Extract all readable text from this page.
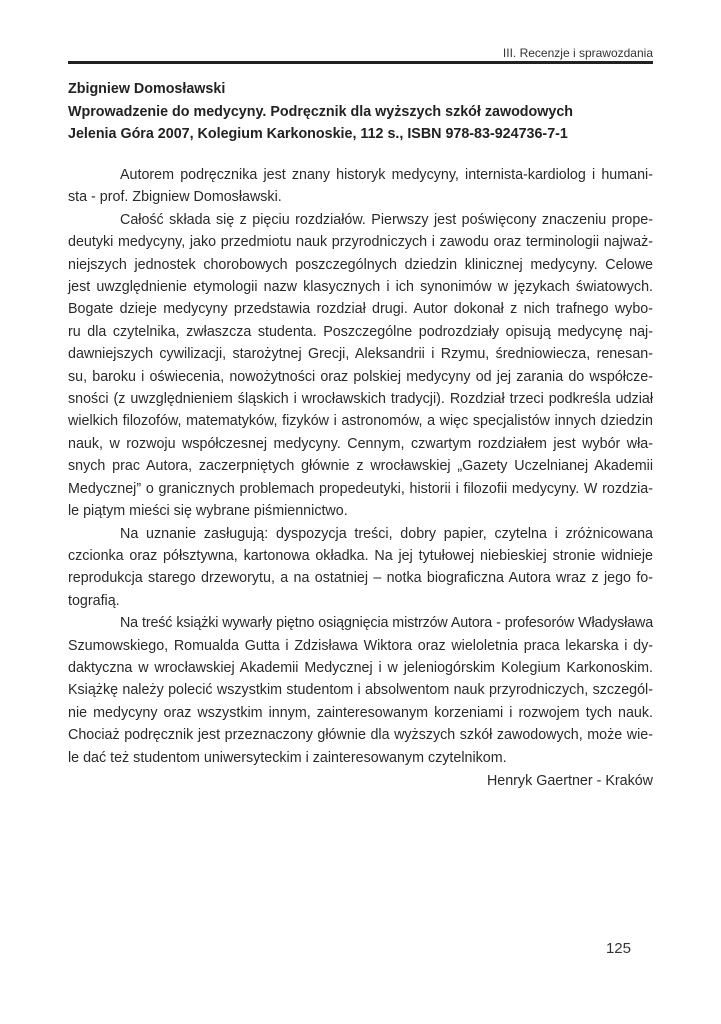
III. Recenzje i sprawozdania
Zbigniew Domosławski
Wprowadzenie do medycyny. Podręcznik dla wyższych szkół zawodowych
Jelenia Góra 2007, Kolegium Karkonoskie, 112 s., ISBN 978-83-924736-7-1
Autorem podręcznika jest znany historyk medycyny, internista-kardiolog i humani-
sta - prof. Zbigniew Domosławski.
Całość składa się z pięciu rozdziałów. Pierwszy jest poświęcony znaczeniu prope-
deutyki medycyny, jako przedmiotu nauk przyrodniczych i zawodu oraz terminologii najważ-
niejszych jednostek chorobowych poszczególnych dziedzin klinicznej medycyny. Celowe
jest uwzględnienie etymologii nazw klasycznych i ich synonimów w językach światowych.
Bogate dzieje medycyny przedstawia rozdział drugi. Autor dokonał z nich trafnego wybo-
ru dla czytelnika, zwłaszcza studenta. Poszczególne podrozdziały opisują medycynę naj-
dawniejszych cywilizacji, starożytnej Grecji, Aleksandrii i Rzymu, średniowiecza, renesan-
su, baroku i oświecenia, nowożytności oraz polskiej medycyny od jej zarania do współcze-
sności (z uwzględnieniem śląskich i wrocławskich tradycji). Rozdział trzeci podkreśla udział
wielkich filozofów, matematyków, fizyków i astronomów, a więc specjalistów innych dziedzin
nauk, w rozwoju współczesnej medycyny. Cennym, czwartym rozdziałem jest wybór wła-
snych prac Autora, zaczerpniętych głównie z wrocławskiej „Gazety Uczelnianej Akademii
Medycznej” o granicznych problemach propedeutyki, historii i filozofii medycyny. W rozdzia-
le piątym mieści się wybrane piśmiennictwo.
Na uznanie zasługują: dyspozycja treści, dobry papier, czytelna i zróżnicowana
czcionka oraz półsztywna, kartonowa okładka. Na jej tytułowej niebieskiej stronie widnieje
reprodukcja starego drzeworytu, a na ostatniej – notka biograficzna Autora wraz z jego fo-
tografią.
Na treść książki wywarły piętno osiągnięcia mistrzów Autora - profesorów Władysława
Szumowskiego, Romualda Gutta i Zdzisława Wiktora oraz wieloletnia praca lekarska i dy-
daktyczna w wrocławskiej Akademii Medycznej i w jeleniogórskim Kolegium Karkonoskim.
Książkę należy polecić wszystkim studentom i absolwentom nauk przyrodniczych, szczegól-
nie medycyny oraz wszystkim innym, zainteresowanym korzeniami i rozwojem tych nauk.
Chociaż podręcznik jest przeznaczony głównie dla wyższych szkół zawodowych, może wie-
le dać też studentom uniwersyteckim i zainteresowanym czytelnikom.
Henryk Gaertner - Kraków
125
